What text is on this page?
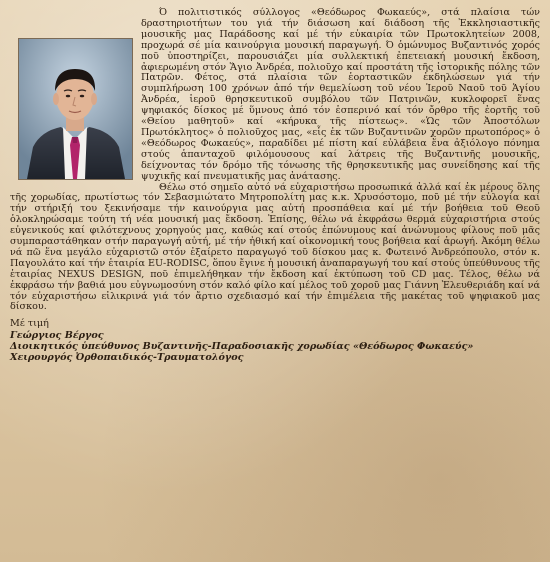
Ό πολιτιστικός σύλλογος «Θεόδωρος Φωκαεύς», στά πλαίσια τών δραστηριοτήτων του γιά τήν διάσωση καί διάδοση τῆς Ἐκκλησιαστικῆς μουσικῆς μας Παράδοσης καί μέ τήν εὐκαιρία τῶν Πρωτοκλητείων 2008, προχωρά σέ μία καινούργια μουσική παραγωγή. Ό ὁμώνυμος Βυζαντινός χορός ποῦ ὑποστηρίζει, παρουσιάζει μία συλλεκτική ἐπετειακή μουσική ἔκδοση, ἀφιερωμένη στόν Ἅγιο Ἀνδρέα, πολιοῦχο καί προστάτη τῆς ἱστορικῆς πόλης τῶν Πατρῶν. Φέτος, στά πλαίσια τῶν ἑορταστικῶν ἐκδηλώσεων γιά τήν συμπλήρωση 100 χρόνων ἀπό τήν θεμελίωση τοῦ νέου Ἱεροῦ Ναοῦ τοῦ Ἁγίου Ἀνδρέα, ἱεροῦ θρησκευτικοῦ συμβόλου τῶν Πατρινῶν, κυκλοφορεῖ ἕνας ψηφιακός δίσκος μέ ὕμνους ἀπό τόν ἑσπερινό καί τόν ὄρθρο τῆς ἑορτῆς τοῦ «Θείου μαθητοῦ» καί «κήρυκα τῆς πίστεως». «Ὡς τῶν Ἀποστόλων Πρωτόκλητος» ὁ πολιοῦχος μας, «εἷς ἐκ τῶν Βυζαντινῶν χορῶν πρωτοπόρος» ὁ «Θεόδωρος Φωκαεύς», παραδίδει μέ πίστη καί εὐλάβεια ἕνα ἀξιόλογο πόνημα στούς ἁπανταχοῦ φιλόμουσους καί λάτρεις τῆς Βυζαντινῆς μουσικῆς, δείχνοντας τόν δρόμο τῆς τόνωσης τῆς θρησκευτικῆς μας συνείδησης καί τῆς ψυχικῆς καί πνευματικῆς μας ἀνάτασης.

Θέλω στό σημεῖο αὐτό νά εὐχαριστήσω προσωπικά ἀλλά καί ἐκ μέρους ὅλης τῆς χορωδίας, πρωτίστως τόν Σεβασμιώτατο Μητροπολίτη μας κ.κ. Χρυσόστομο, ποῦ μέ τήν εὐλογία καί τήν στήριξή του ξεκινήσαμε τήν καινούργια μας αὐτή προσπάθεια καί μέ τήν βοήθεια τοῦ Θεοῦ ὁλοκληρώσαμε τούτη τή νέα μουσική μας ἔκδοση. Ἐπίσης, θέλω νά ἐκφράσω θερμά εὐχαριστήρια στούς εὐγενικούς καί φιλότεχνους χορηγούς μας, καθώς καί στούς ἐπώνυμους καί ἀνώνυμους φίλους ποῦ μᾶς συμπαραστάθηκαν στήν παραγωγή αὐτή, μέ τήν ἠθική καί οἰκονομική τους βοήθεια καί ἀρωγή. Ἀκόμη θέλω νά πῶ ἕνα μεγάλο εὐχαριστῶ στόν ἐξαίρετο παραγωγό τοῦ δίσκου μας κ. Φωτεινό Ἀνδρεόπουλο, στόν κ. Παγουλάτο καί τήν ἑταιρία EU-RODISC, ὅπου ἔγινε ἡ μουσική ἀναπαραγωγή του καί στούς ὑπεύθυνους τῆς ἑταιρίας NEXUS DESIGN, ποῦ ἐπιμελήθηκαν τήν ἔκδοση καί ἐκτύπωση τοῦ CD μας. Τέλος, θέλω νά ἐκφράσω τήν βαθιά μου εὐγνωμοσύνη στόν καλό φίλο καί μέλος τοῦ χοροῦ μας Γιάννη Ἐλευθεριάδη καί νά τόν εὐχαριστήσω εἰλικρινά γιά τόν ἄρτιο σχεδιασμό καί τήν ἐπιμέλεια τῆς μακέτας τοῦ ψηφιακοῦ μας δίσκου.

Μέ τιμή

Γεώργιος Βέργος

Διοικητικός ὑπεύθυνος Βυζαντινῆς-Παραδοσιακῆς χορωδίας «Θεόδωρος Φωκαεύς»

Χειρουργός Ὀρθοπαιδικός-Τραυματολόγος
